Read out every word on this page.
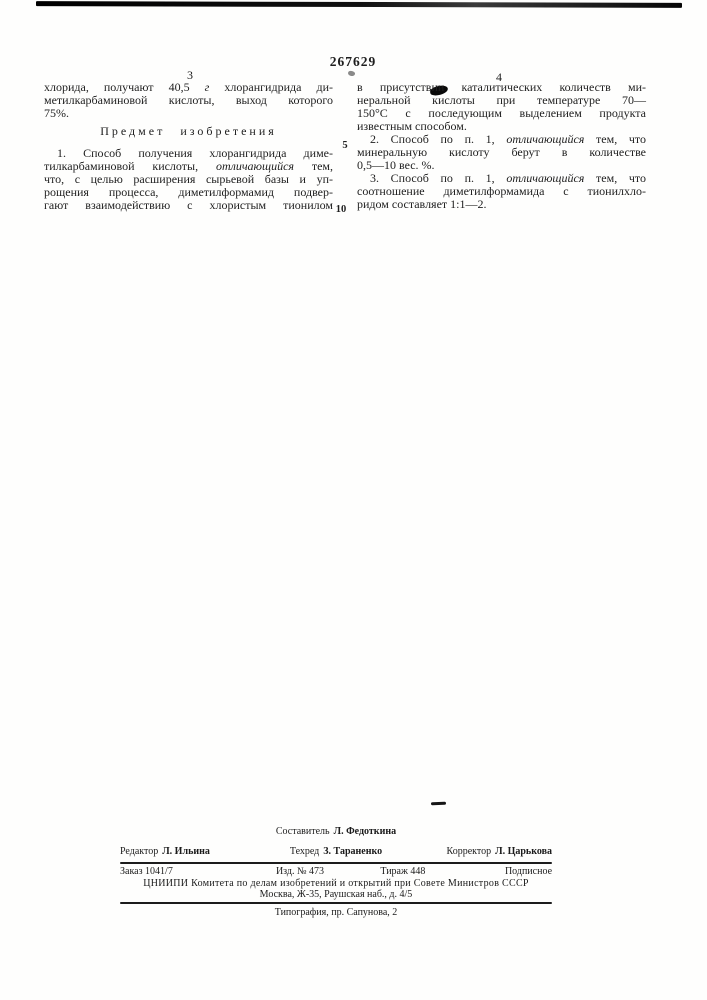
267629
3	4
5
10
хлорида, получают 40,5 г хлорангидрида ди-
метилкарбаминовой кислоты, выход которого
75%.
Предмет изобретения
1. Способ получения хлорангидрида диме-
тилкарбаминовой кислоты, отличающийся тем,
что, с целью расширения сырьевой базы и уп-
рощения процесса, диметилформамид подвер-
гают взаимодействию с хлористым тионилом
в присутствии каталитических количеств ми-
неральной кислоты при температуре 70—
150°С с последующим выделением продукта
известным способом.
2. Способ по п. 1, отличающийся тем, что
минеральную кислоту берут в количестве
0,5—10 вес. %.
3. Способ по п. 1, отличающийся тем, что
соотношение диметилформамида с тионилхло-
ридом составляет 1:1—2.
Составитель Л. Федоткина
Редактор Л. Ильина	Техред З. Тараненко	Корректор Л. Царькова
Заказ 1041/7	Изд. № 473	Тираж 448	Подписное
ЦНИИПИ Комитета по делам изобретений и открытий при Совете Министров СССР
Москва, Ж-35, Раушская наб., д. 4/5
Типография, пр. Сапунова, 2
